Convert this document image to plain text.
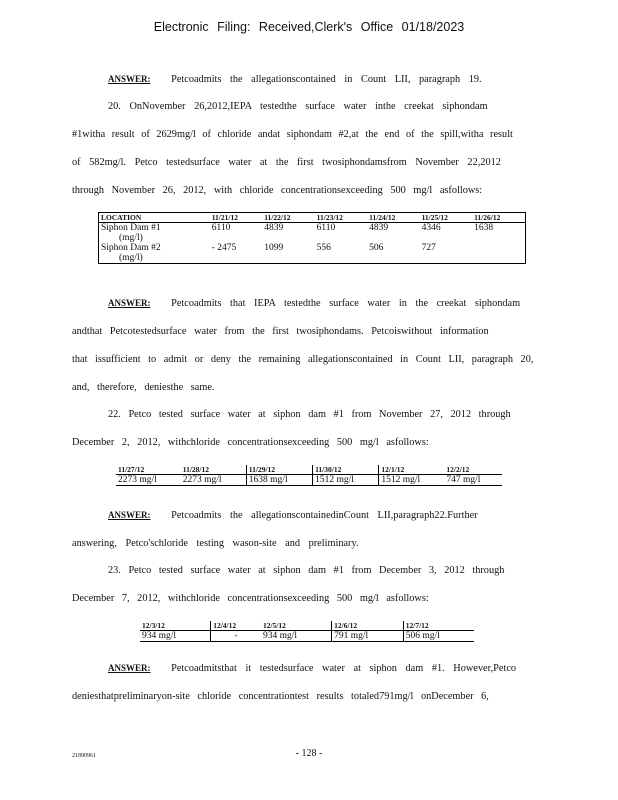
Electronic Filing: Received,Clerk's Office 01/18/2023
ANSWER: Petcoadmits the allegationscontained in Count LII, paragraph 19.
20. OnNovember 26,2012,IEPA testedthe surface water inthe creekat siphondam
#1witha result of 2629mg/l of chloride andat siphondam #2,at the end of the spill,witha result
of 582mg/l. Petco testedsurface water at the first twosiphondamsfrom November 22,2012
through November 26, 2012, with chloride concentrationsexceeding 500 mg/l asfollows:
LOCATION	11/21/12	11/22/12	11/23/12	11/24/12	11/25/12	11/26/12
Siphon Dam #1	6110	4839	6110	4839	4346	1638
(mg/l)						
Siphon Dam #2	- 2475	1099	556	506	727	
(mg/l)						
ANSWER: Petcoadmits that IEPA testedthe surface water in the creekat siphondam
andthat Petcotestedsurface water from the first twosiphondams. Petcoiswithout information
that issufficient to admit or deny the remaining allegationscontained in Count LII, paragraph 20,
and, therefore, deniesthe same.
22. Petco tested surface water at siphon dam #1 from November 27, 2012 through
December 2, 2012, withchloride concentrationsexceeding 500 mg/l asfollows:
11/27/12	11/28/12	11/29/12	11/30/12	12/1/12	12/2/12
2273 mg/l	2273 mg/l	1638 mg/l	1512 mg/l	1512 mg/l	747 mg/l
ANSWER: Petcoadmits the allegationscontainedinCount LII,paragraph22.Further
answering, Petco'schloride testing wason-site and preliminary.
23. Petco tested surface water at siphon dam #1 from December 3, 2012 through
December 7, 2012, withchloride concentrationsexceeding 500 mg/l asfollows:
12/3/12	12/4/12	12/5/12	12/6/12	12/7/12
934 mg/l	-	934 mg/l	791 mg/l	506 mg/l
ANSWER: Petcoadmitsthat it testedsurface water at siphon dam #1. However,Petco
deniesthatpreliminaryon-site chloride concentrationtest results totaled791mg/l onDecember 6,
21890961	- 128 -
